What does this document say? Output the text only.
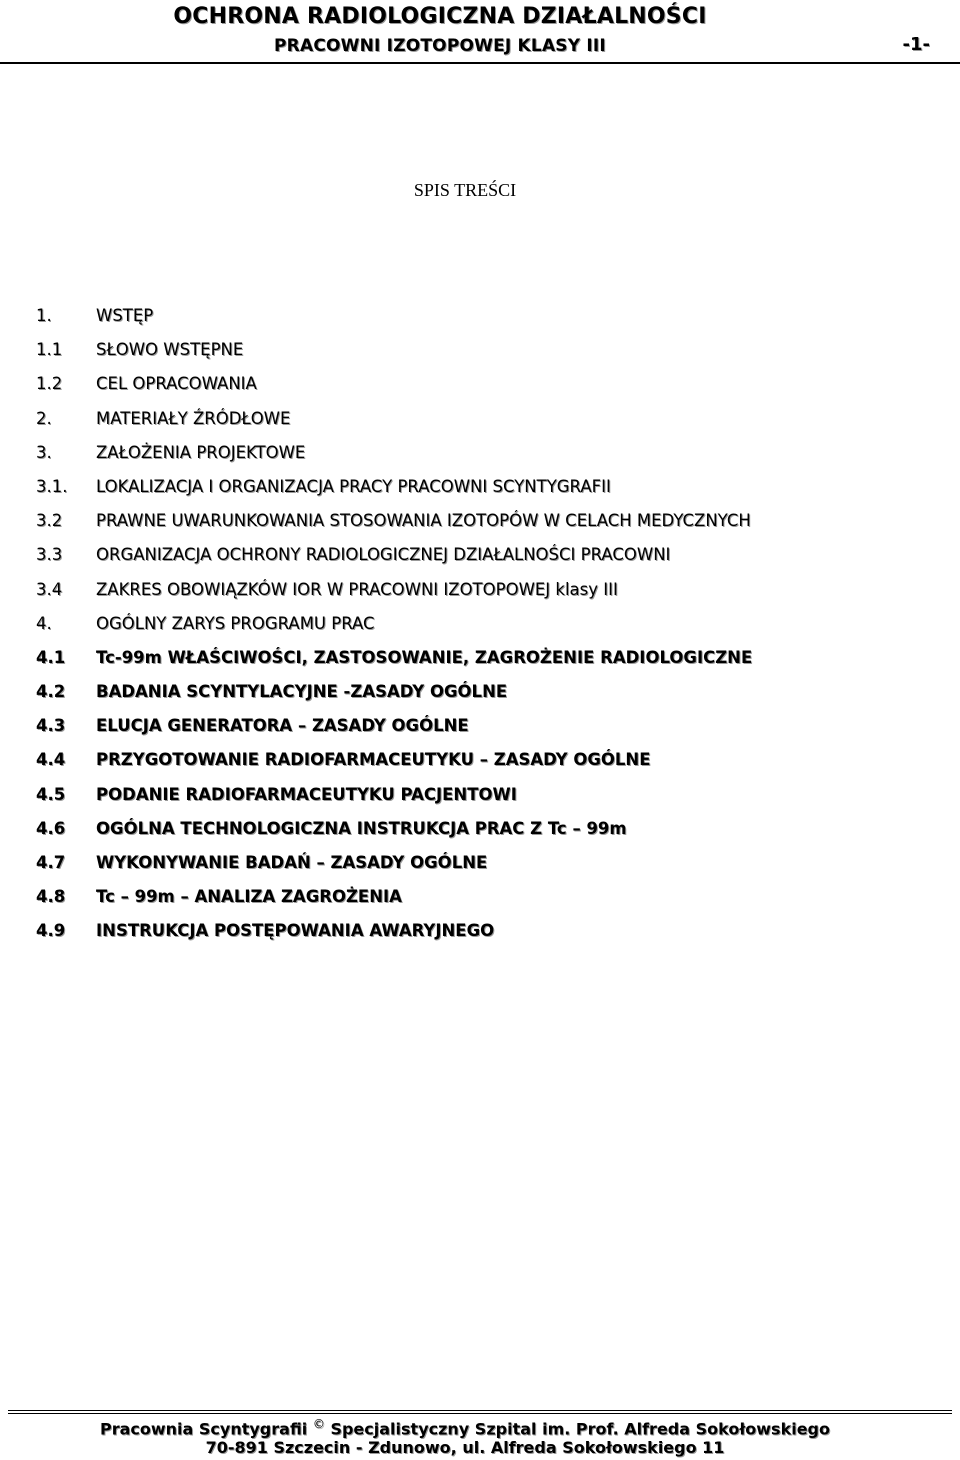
OCHRONA RADIOLOGICZNA DZIAŁALNOŚCI
PRACOWNI IZOTOPOWEJ KLASY III	-1-
SPIS TREŚCI
1.	WSTĘP
1.1 SŁOWO WSTĘPNE
1.2 CEL OPRACOWANIA
2.	MATERIAŁY ŹRÓDŁOWE
3.	ZAŁOŻENIA PROJEKTOWE
3.1. LOKALIZACJA I ORGANIZACJA PRACY PRACOWNI SCYNTYGRAFII
3.2 PRAWNE UWARUNKOWANIA STOSOWANIA IZOTOPÓW W CELACH MEDYCZNYCH
3.3 ORGANIZACJA OCHRONY RADIOLOGICZNEJ DZIAŁALNOŚCI PRACOWNI
3.4 ZAKRES OBOWIĄZKÓW IOR W PRACOWNI IZOTOPOWEJ klasy III
4.	OGÓLNY ZARYS PROGRAMU PRAC
4.1 Tc-99m WŁAŚCIWOŚCI, ZASTOSOWANIE, ZAGROŻENIE RADIOLOGICZNE
4.2 BADANIA SCYNTYLACYJNE -ZASADY OGÓLNE
4.3 ELUCJA GENERATORA – ZASADY OGÓLNE
4.4 PRZYGOTOWANIE RADIOFARMACEUTYKU – ZASADY OGÓLNE
4.5 PODANIE RADIOFARMACEUTYKU PACJENTOWI
4.6 OGÓLNA TECHNOLOGICZNA INSTRUKCJA PRAC Z Tc – 99m
4.7 WYKONYWANIE BADAŃ – ZASADY OGÓLNE
4.8 Tc – 99m – ANALIZA ZAGROŻENIA
4.9 INSTRUKCJA POSTĘPOWANIA AWARYJNEGO
Pracownia Scyntygrafii © Specjalistyczny Szpital im. Prof. Alfreda Sokołowskiego
70-891 Szczecin - Zdunowo, ul. Alfreda Sokołowskiego 11
